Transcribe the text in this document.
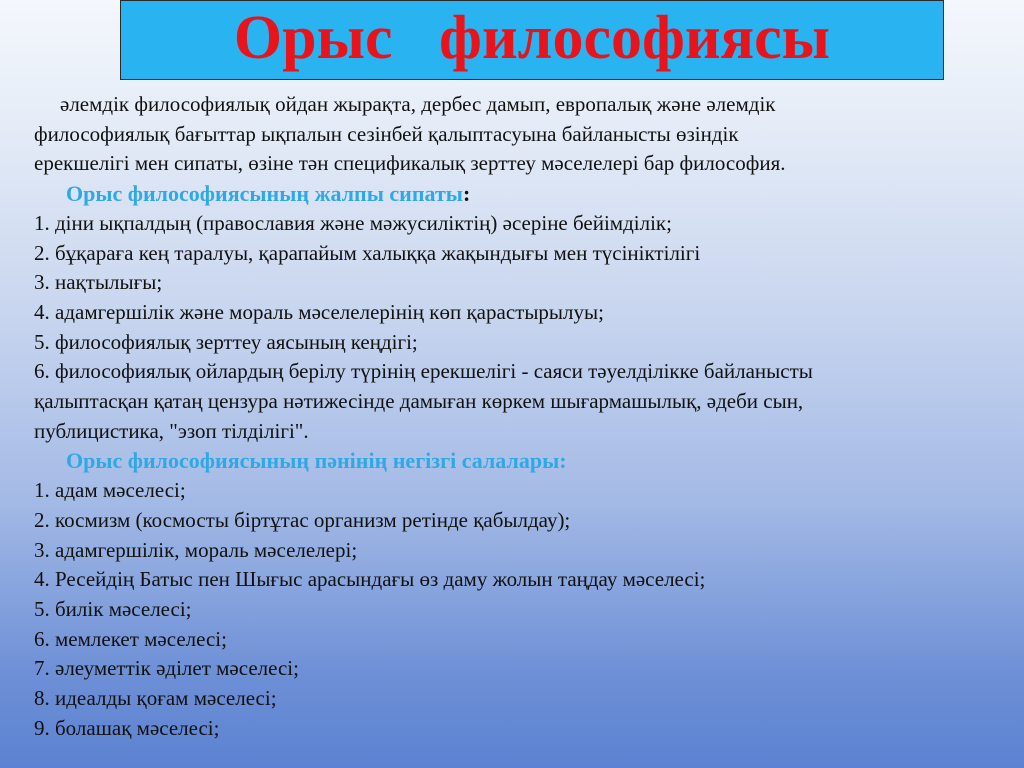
Орыс   философиясы
әлемдік философиялық ойдан жырақта, дербес дамып, европалық және әлемдік
философиялық бағыттар ықпалын сезінбей қалыптасуына байланысты өзіндік
ерекшелігі мен сипаты, өзіне тән спецификалық зерттеу мәселелері бар философия.
Орыс философиясының жалпы сипаты:
1. діни ықпалдың (православия және мәжусиліктің) әсеріне бейімділік;
2. бұқараға кең таралуы, қарапайым халыққа жақындығы мен түсініктілігі
3. нақтылығы;
4. адамгершілік және мораль мәселелерінің көп қарастырылуы;
5. философиялық зерттеу аясының кеңдігі;
6. философиялық ойлардың берілу түрінің ерекшелігі - саяси тәуелділікке байланысты
қалыптасқан қатаң цензура нәтижесінде дамыған көркем шығармашылық, әдеби сын,
публицистика, "эзоп тілділігі".
Орыс философиясының пәнінің негізгі салалары:
1. адам мәселесі;
2. космизм (космосты біртұтас организм ретінде қабылдау);
3. адамгершілік, мораль мәселелері;
4. Ресейдің Батыс пен Шығыс арасындағы өз даму жолын таңдау мәселесі;
5. билік мәселесі;
6. мемлекет мәселесі;
7. әлеуметтік әділет мәселесі;
8. идеалды қоғам мәселесі;
9. болашақ мәселесі;
